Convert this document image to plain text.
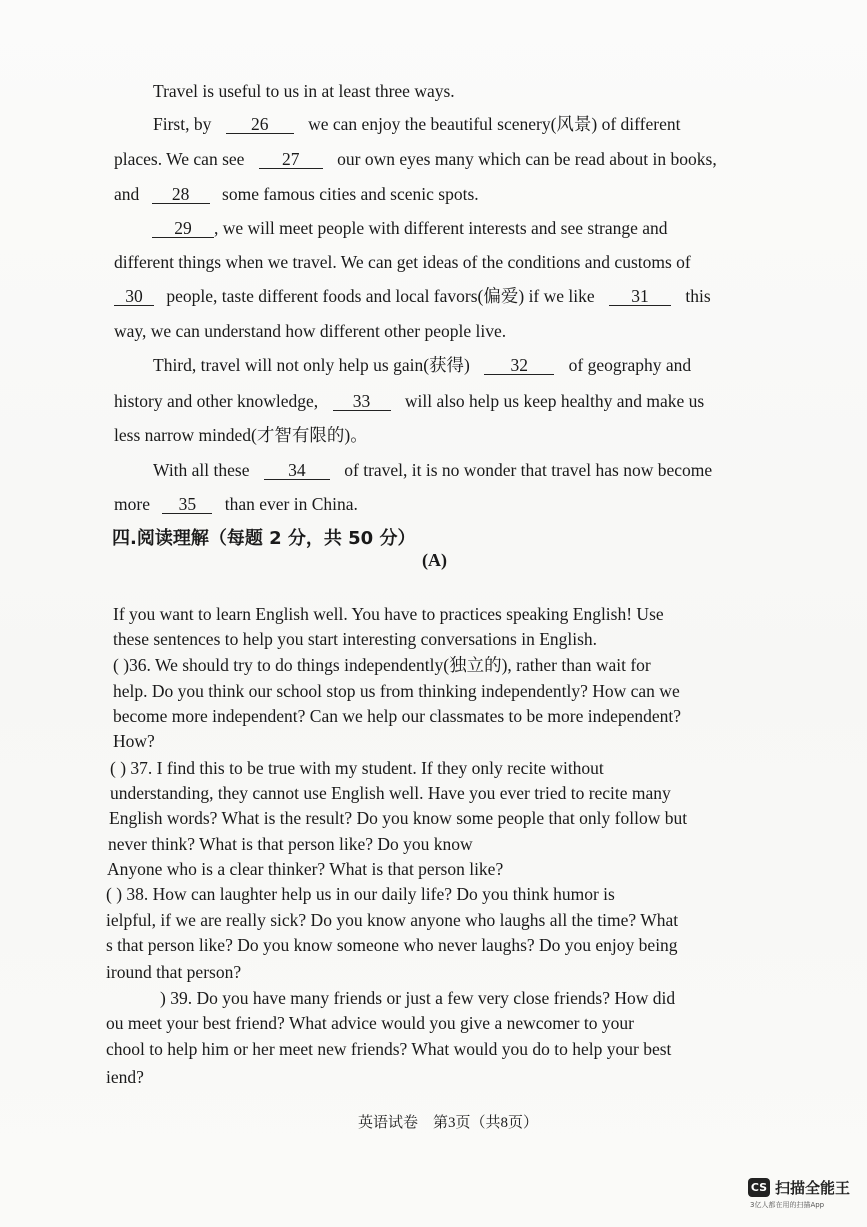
Travel is useful to us in at least three ways.
First, by 26 we can enjoy the beautiful scenery(风景) of different
places. We can see 27 our own eyes many which can be read about in books,
and 28 some famous cities and scenic spots.
29 , we will meet people with different interests and see strange and
different things when we travel. We can get ideas of the conditions and customs of
30 people, taste different foods and local favors(偏爱) if we like 31 this
way, we can understand how different other people live.
Third, travel will not only help us gain(获得) 32 of geography and
history and other knowledge, 33 will also help us keep healthy and make us
less narrow minded(才智有限的)。
With all these 34 of travel, it is no wonder that travel has now become
more 35 than ever in China.
四.阅读理解（每题 2 分，共 50 分）
(A)
If you want to learn English well. You have to practices speaking English! Use
these sentences to help you start interesting conversations in English.
( )36. We should try to do things independently(独立的), rather than wait for
help. Do you think our school stop us from thinking independently? How can we
become more independent? Can we help our classmates to be more independent?
How?
( ) 37. I find this to be true with my student. If they only recite without
understanding, they cannot use English well. Have you ever tried to recite many
English words? What is the result? Do you know some people that only follow but
never think? What is that person like? Do you know
Anyone who is a clear thinker? What is that person like?
( ) 38. How can laughter help us in our daily life? Do you think humor is
ielpful, if we are really sick? Do you know anyone who laughs all the time? What
s that person like? Do you know someone who never laughs? Do you enjoy being
iround that person?
) 39. Do you have many friends or just a few very close friends? How did
ou meet your best friend? What advice would you give a newcomer to your
chool to help him or her meet new friends? What would you do to help your best
iend?
英语试卷　第3页（共8页）
CS 扫描全能王
3亿人都在用的扫描App
